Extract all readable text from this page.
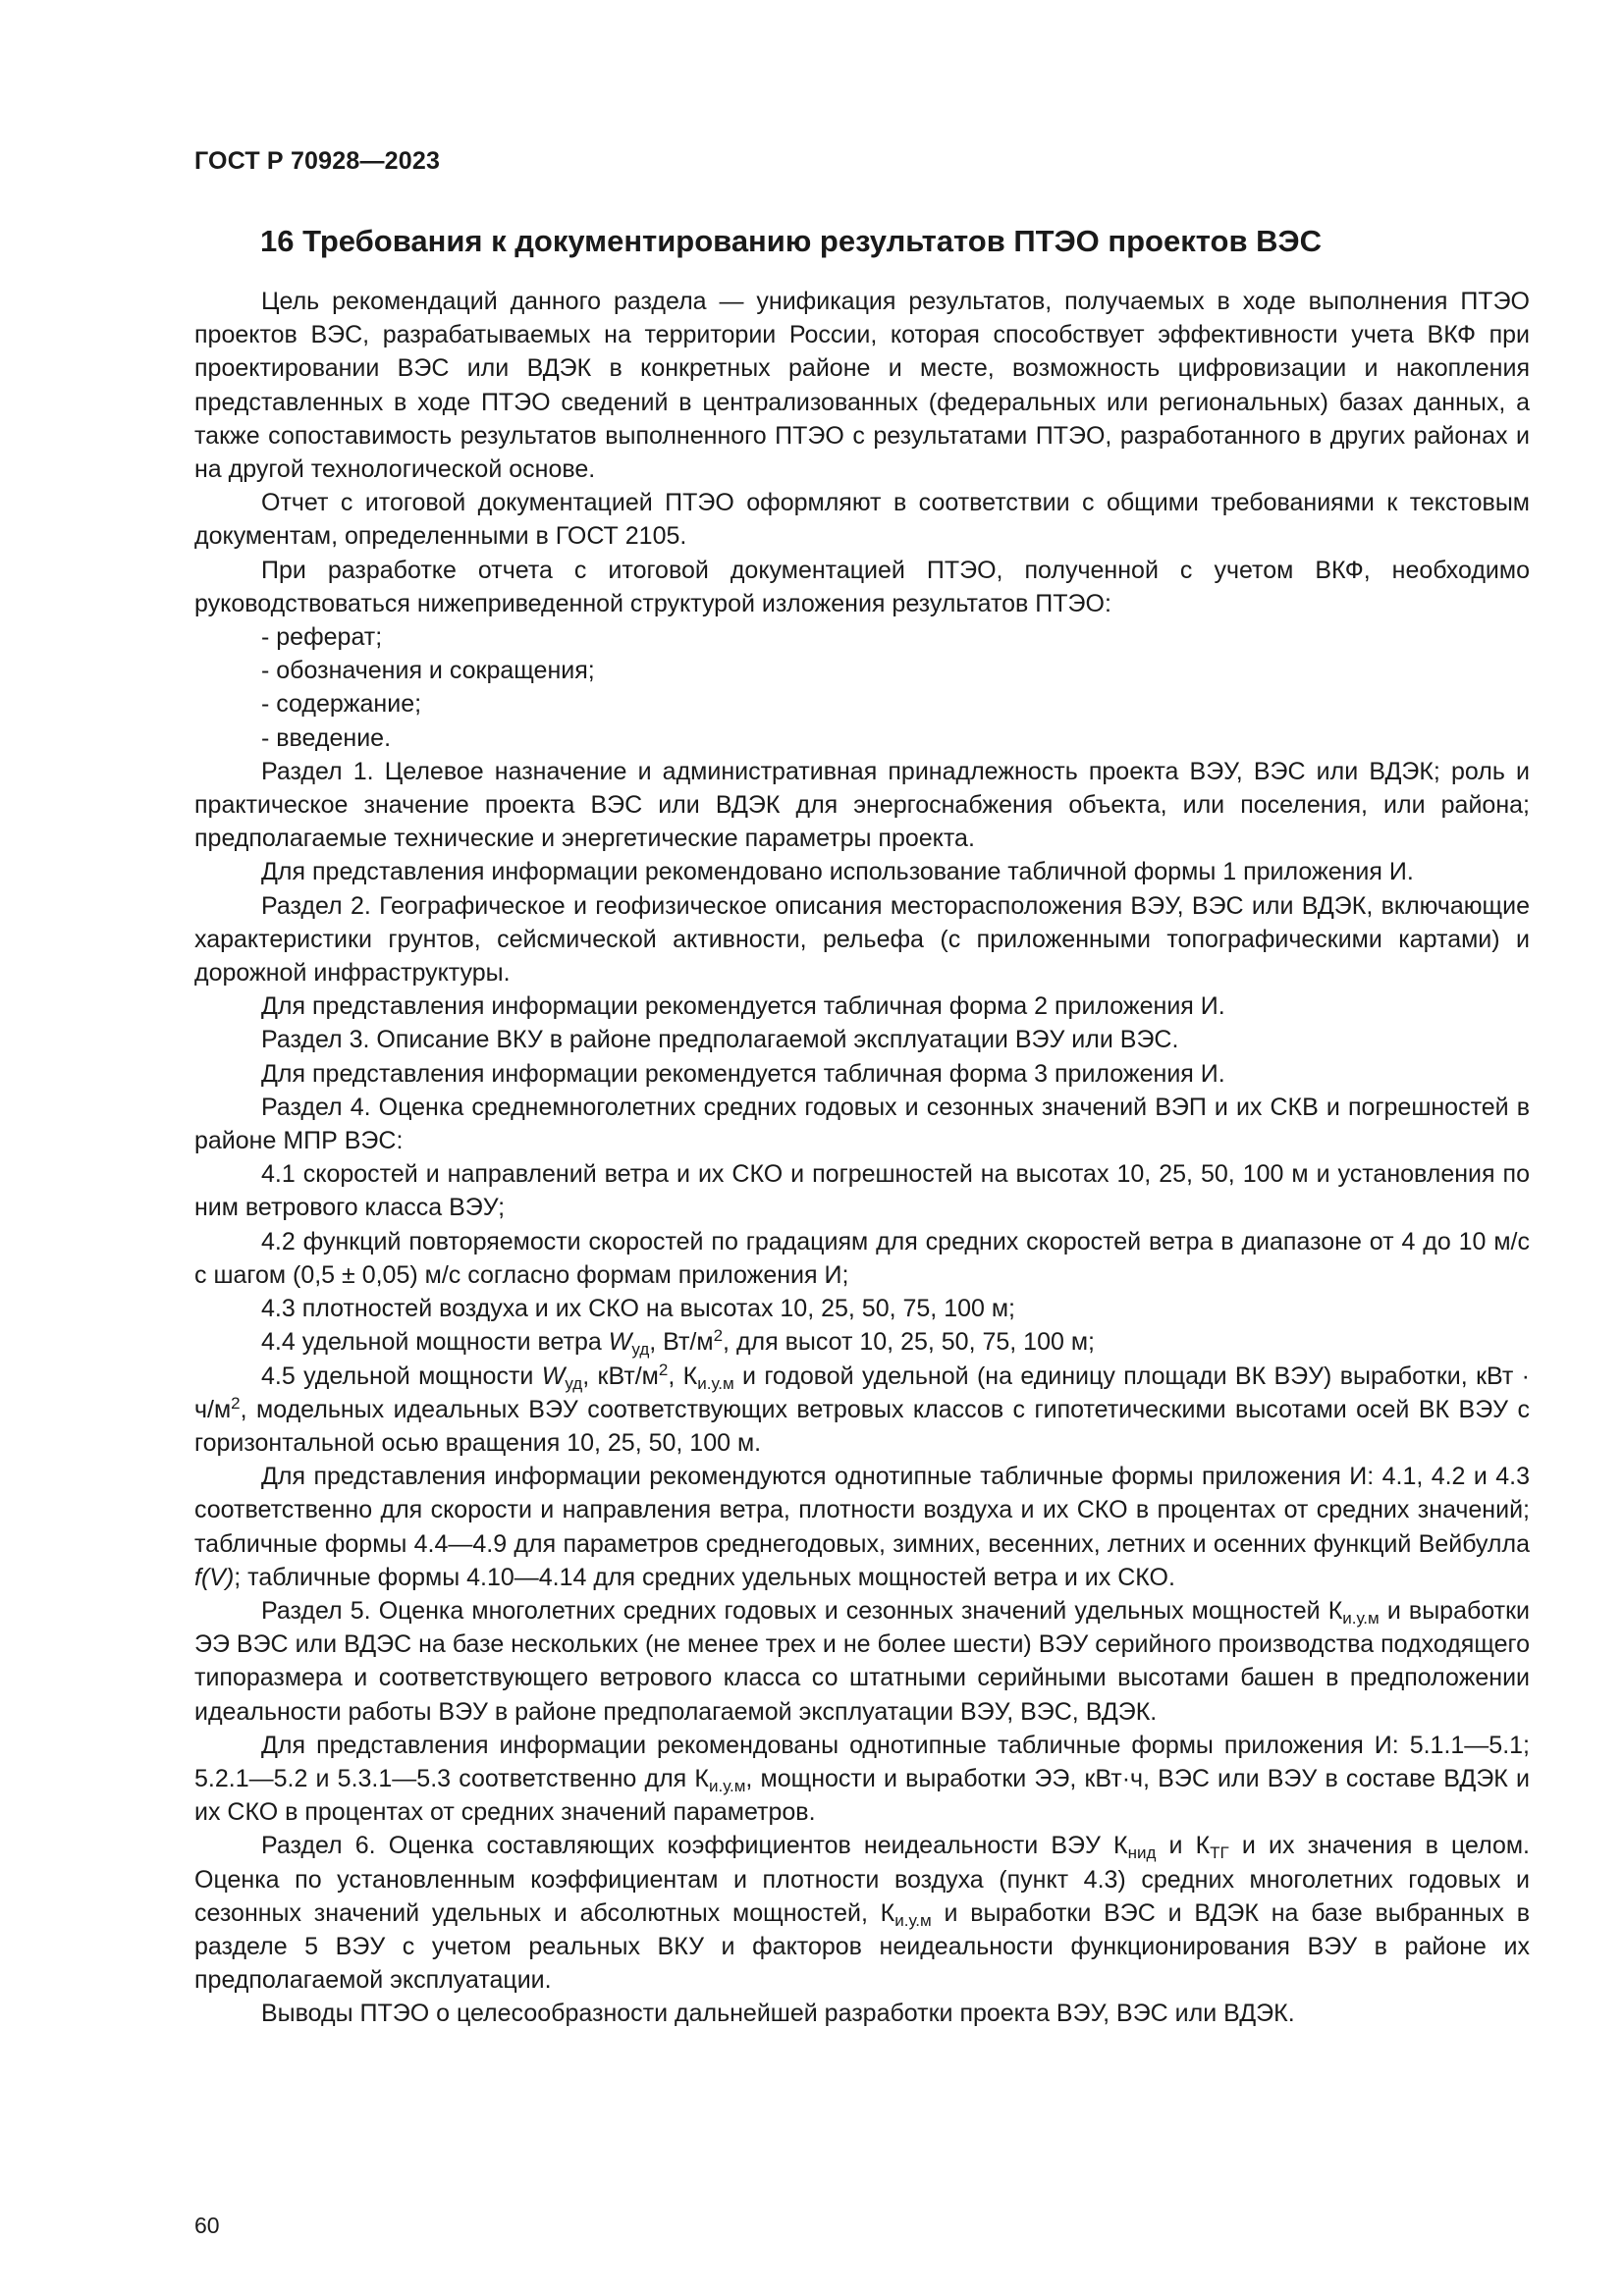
ГОСТ Р 70928—2023
16 Требования к документированию результатов ПТЭО проектов ВЭС

Цель рекомендаций данного раздела — унификация результатов, получаемых в ходе выполнения ПТЭО проектов ВЭС, разрабатываемых на территории России, которая способствует эффективности учета ВКФ при проектировании ВЭС или ВДЭК в конкретных районе и месте, возможность цифровизации и накопления представленных в ходе ПТЭО сведений в централизованных (федеральных или региональных) базах данных, а также сопоставимость результатов выполненного ПТЭО с результатами ПТЭО, разработанного в других районах и на другой технологической основе.

Отчет с итоговой документацией ПТЭО оформляют в соответствии с общими требованиями к текстовым документам, определенными в ГОСТ 2105.

При разработке отчета с итоговой документацией ПТЭО, полученной с учетом ВКФ, необходимо руководствоваться нижеприведенной структурой изложения результатов ПТЭО:

- реферат;

- обозначения и сокращения;

- содержание;

- введение.

Раздел 1. Целевое назначение и административная принадлежность проекта ВЭУ, ВЭС или ВДЭК; роль и практическое значение проекта ВЭС или ВДЭК для энергоснабжения объекта, или поселения, или района; предполагаемые технические и энергетические параметры проекта.

Для представления информации рекомендовано использование табличной формы 1 приложения И.

Раздел 2. Географическое и геофизическое описания месторасположения ВЭУ, ВЭС или ВДЭК, включающие характеристики грунтов, сейсмической активности, рельефа (с приложенными топографическими картами) и дорожной инфраструктуры.

Для представления информации рекомендуется табличная форма 2 приложения И.

Раздел 3. Описание ВКУ в районе предполагаемой эксплуатации ВЭУ или ВЭС.

Для представления информации рекомендуется табличная форма 3 приложения И.

Раздел 4. Оценка среднемноголетних средних годовых и сезонных значений ВЭП и их СКВ и погрешностей в районе МПР ВЭС:

4.1 скоростей и направлений ветра и их СКО и погрешностей на высотах 10, 25, 50, 100 м и установления по ним ветрового класса ВЭУ;

4.2 функций повторяемости скоростей по градациям для средних скоростей ветра в диапазоне от 4 до 10 м/с с шагом (0,5 ± 0,05) м/с согласно формам приложения И;

4.3 плотностей воздуха и их СКО на высотах 10, 25, 50, 75, 100 м;

4.4 удельной мощности ветра $W_{уд}$, $Вт/м^2$, для высот 10, 25, 50, 75, 100 м;

4.5 удельной мощности $W_{уд}$, кВт/$м^2$, $К_{и.у.м}$ и годовой удельной (на единицу площади ВК ВЭУ) выработки, кВт · $ч/м^2$, модельных идеальных ВЭУ соответствующих ветровых классов с гипотетическими высотами осей ВК ВЭУ с горизонтальной осью вращения 10, 25, 50, 100 м.

Для представления информации рекомендуются однотипные табличные формы приложения И: 4.1, 4.2 и 4.3 соответственно для скорости и направления ветра, плотности воздуха и их СКО в процентах от средних значений; табличные формы 4.4—4.9 для параметров среднегодовых, зимних, весенних, летних и осенних функций Вейбулла f(V); табличные формы 4.10—4.14 для средних удельных мощностей ветра и их СКО.

Раздел 5. Оценка многолетних средних годовых и сезонных значений удельных мощностей $К_{и.у.м}$ и выработки ЭЭ ВЭС или ВДЭС на базе нескольких (не менее трех и не более шести) ВЭУ серийного производства подходящего типоразмера и соответствующего ветрового класса со штатными серийными высотами башен в предположении идеальности работы ВЭУ в районе предполагаемой эксплуатации ВЭУ, ВЭС, ВДЭК.

Для представления информации рекомендованы однотипные табличные формы приложения И: 5.1.1—5.1; 5.2.1—5.2 и 5.3.1—5.3 соответственно для $К_{и.у.м}$, мощности и выработки ЭЭ, кВт·ч, ВЭС или ВЭУ в составе ВДЭК и их СКО в процентах от средних значений параметров.

Раздел 6. Оценка составляющих коэффициентов неидеальности ВЭУ $К_{нид}$ и $К_{ТГ}$ и их значения в целом. Оценка по установленным коэффициентам и плотности воздуха (пункт 4.3) средних многолетних годовых и сезонных значений удельных и абсолютных мощностей, $К_{и.у.м}$ и выработки ВЭС и ВДЭК на базе выбранных в разделе 5 ВЭУ с учетом реальных ВКУ и факторов неидеальности функционирования ВЭУ в районе их предполагаемой эксплуатации.

Выводы ПТЭО о целесообразности дальнейшей разработки проекта ВЭУ, ВЭС или ВДЭК.

60
